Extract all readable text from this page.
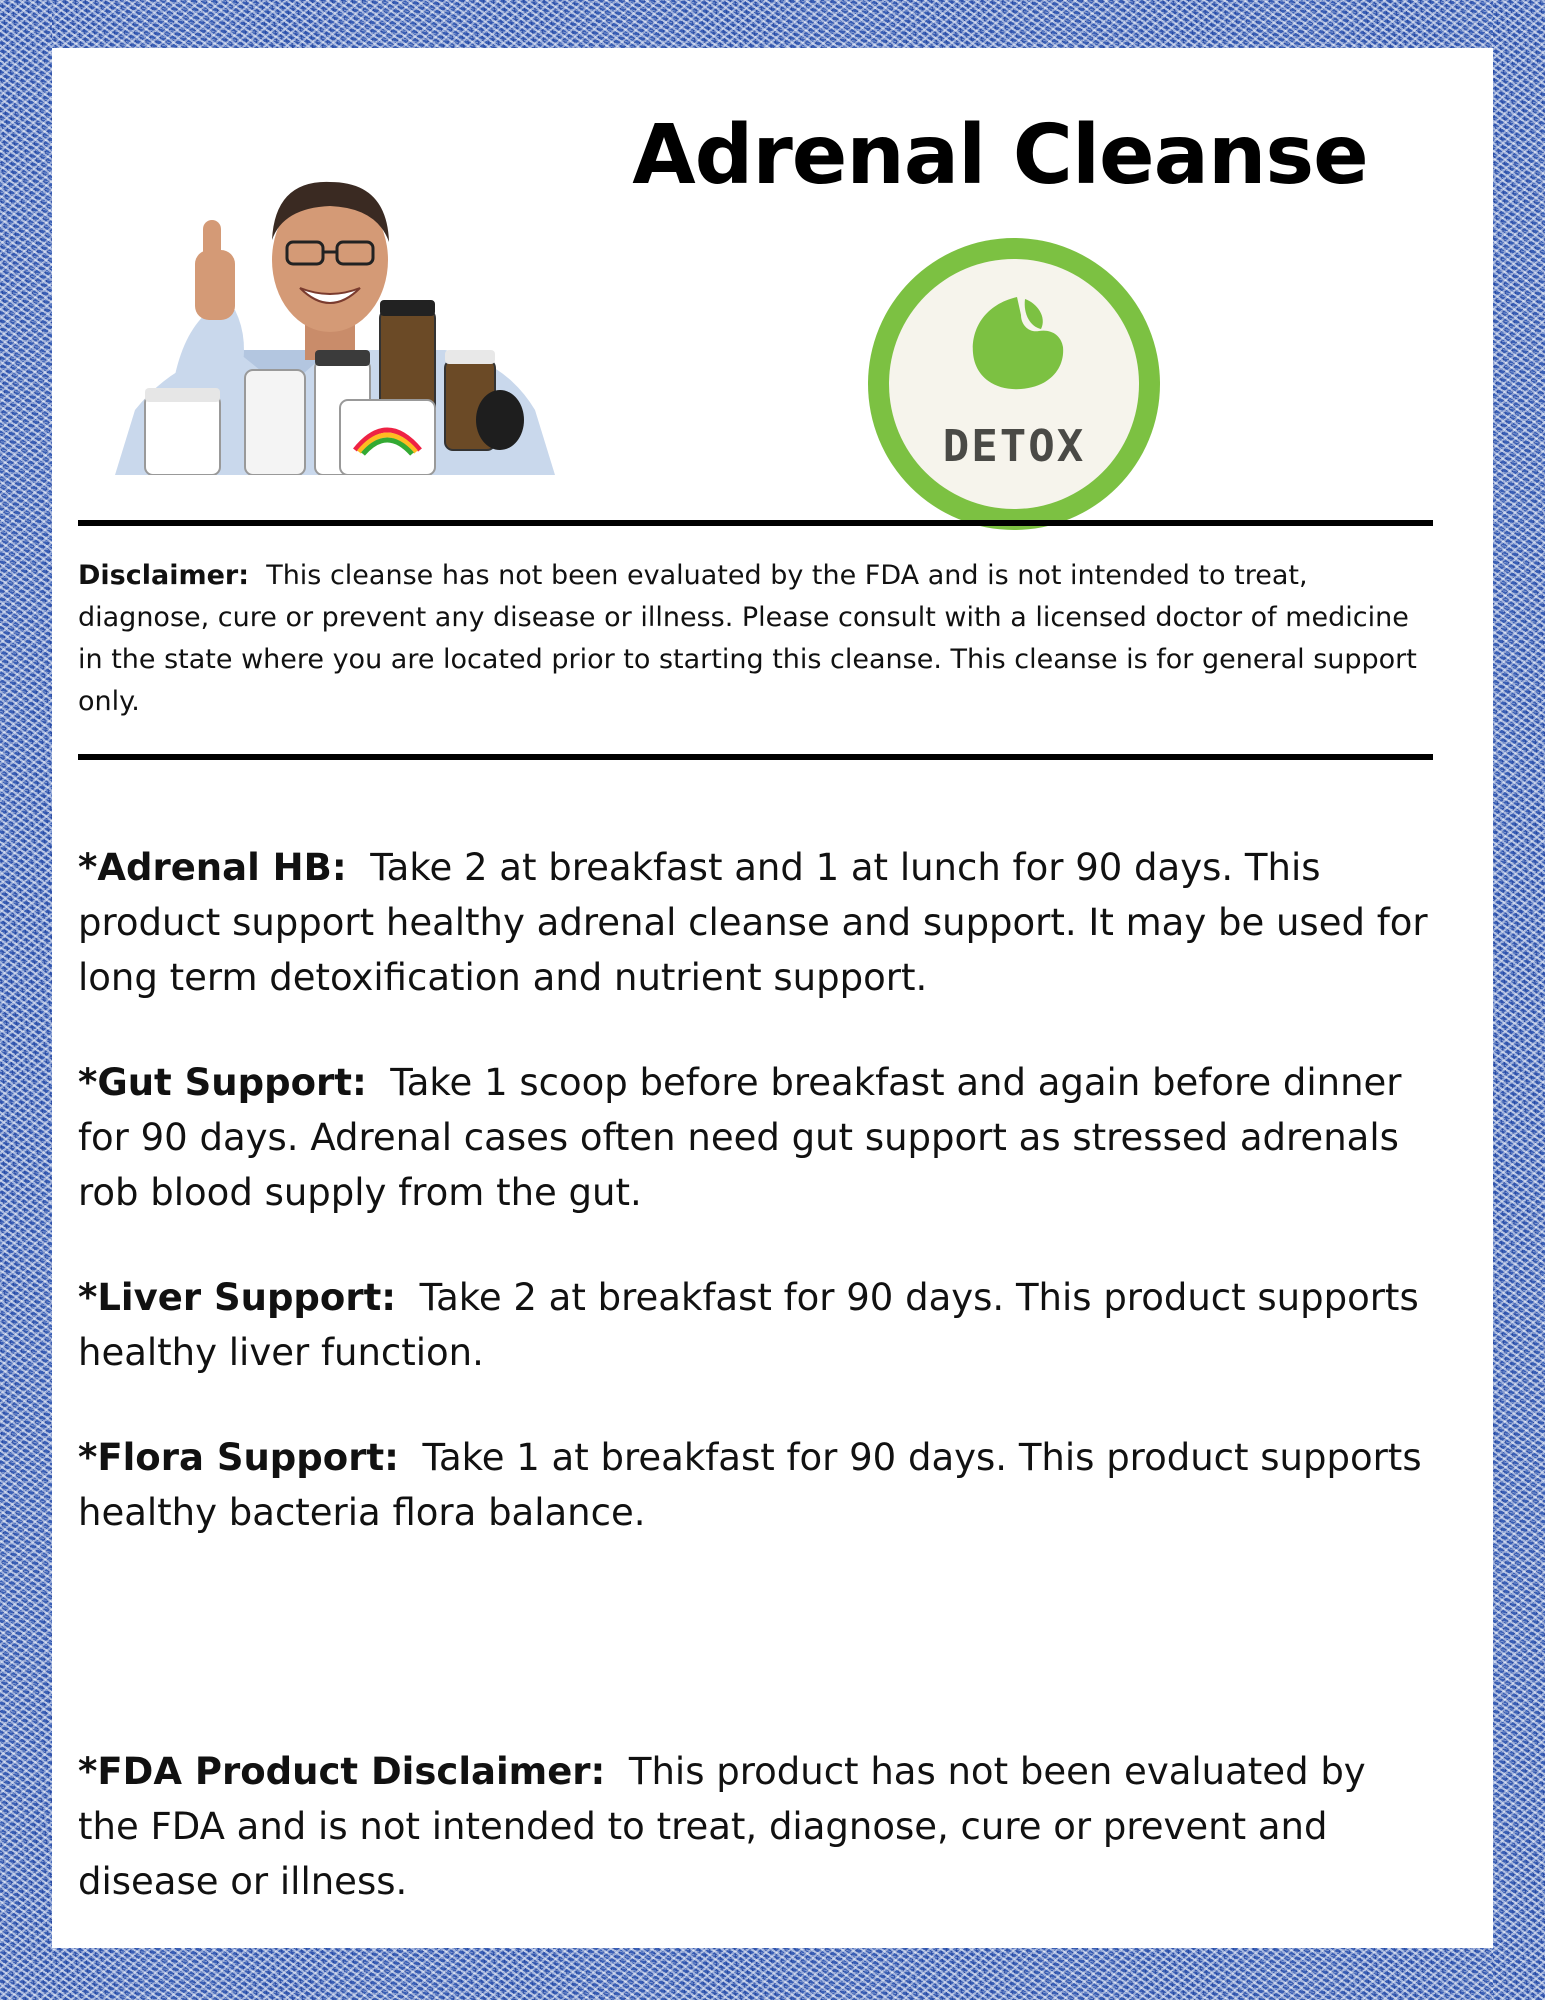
Adrenal Cleanse
DETOX
Disclaimer: This cleanse has not been evaluated by the FDA and is not intended to treat, diagnose, cure or prevent any disease or illness. Please consult with a licensed doctor of medicine in the state where you are located prior to starting this cleanse. This cleanse is for general support only.
*Adrenal HB: Take 2 at breakfast and 1 at lunch for 90 days. This product support healthy adrenal cleanse and support. It may be used for long term detoxification and nutrient support.
*Gut Support: Take 1 scoop before breakfast and again before dinner for 90 days. Adrenal cases often need gut support as stressed adrenals rob blood supply from the gut.
*Liver Support: Take 2 at breakfast for 90 days. This product supports healthy liver function.
*Flora Support: Take 1 at breakfast for 90 days. This product supports healthy bacteria flora balance.
*FDA Product Disclaimer: This product has not been evaluated by the FDA and is not intended to treat, diagnose, cure or prevent and disease or illness.
